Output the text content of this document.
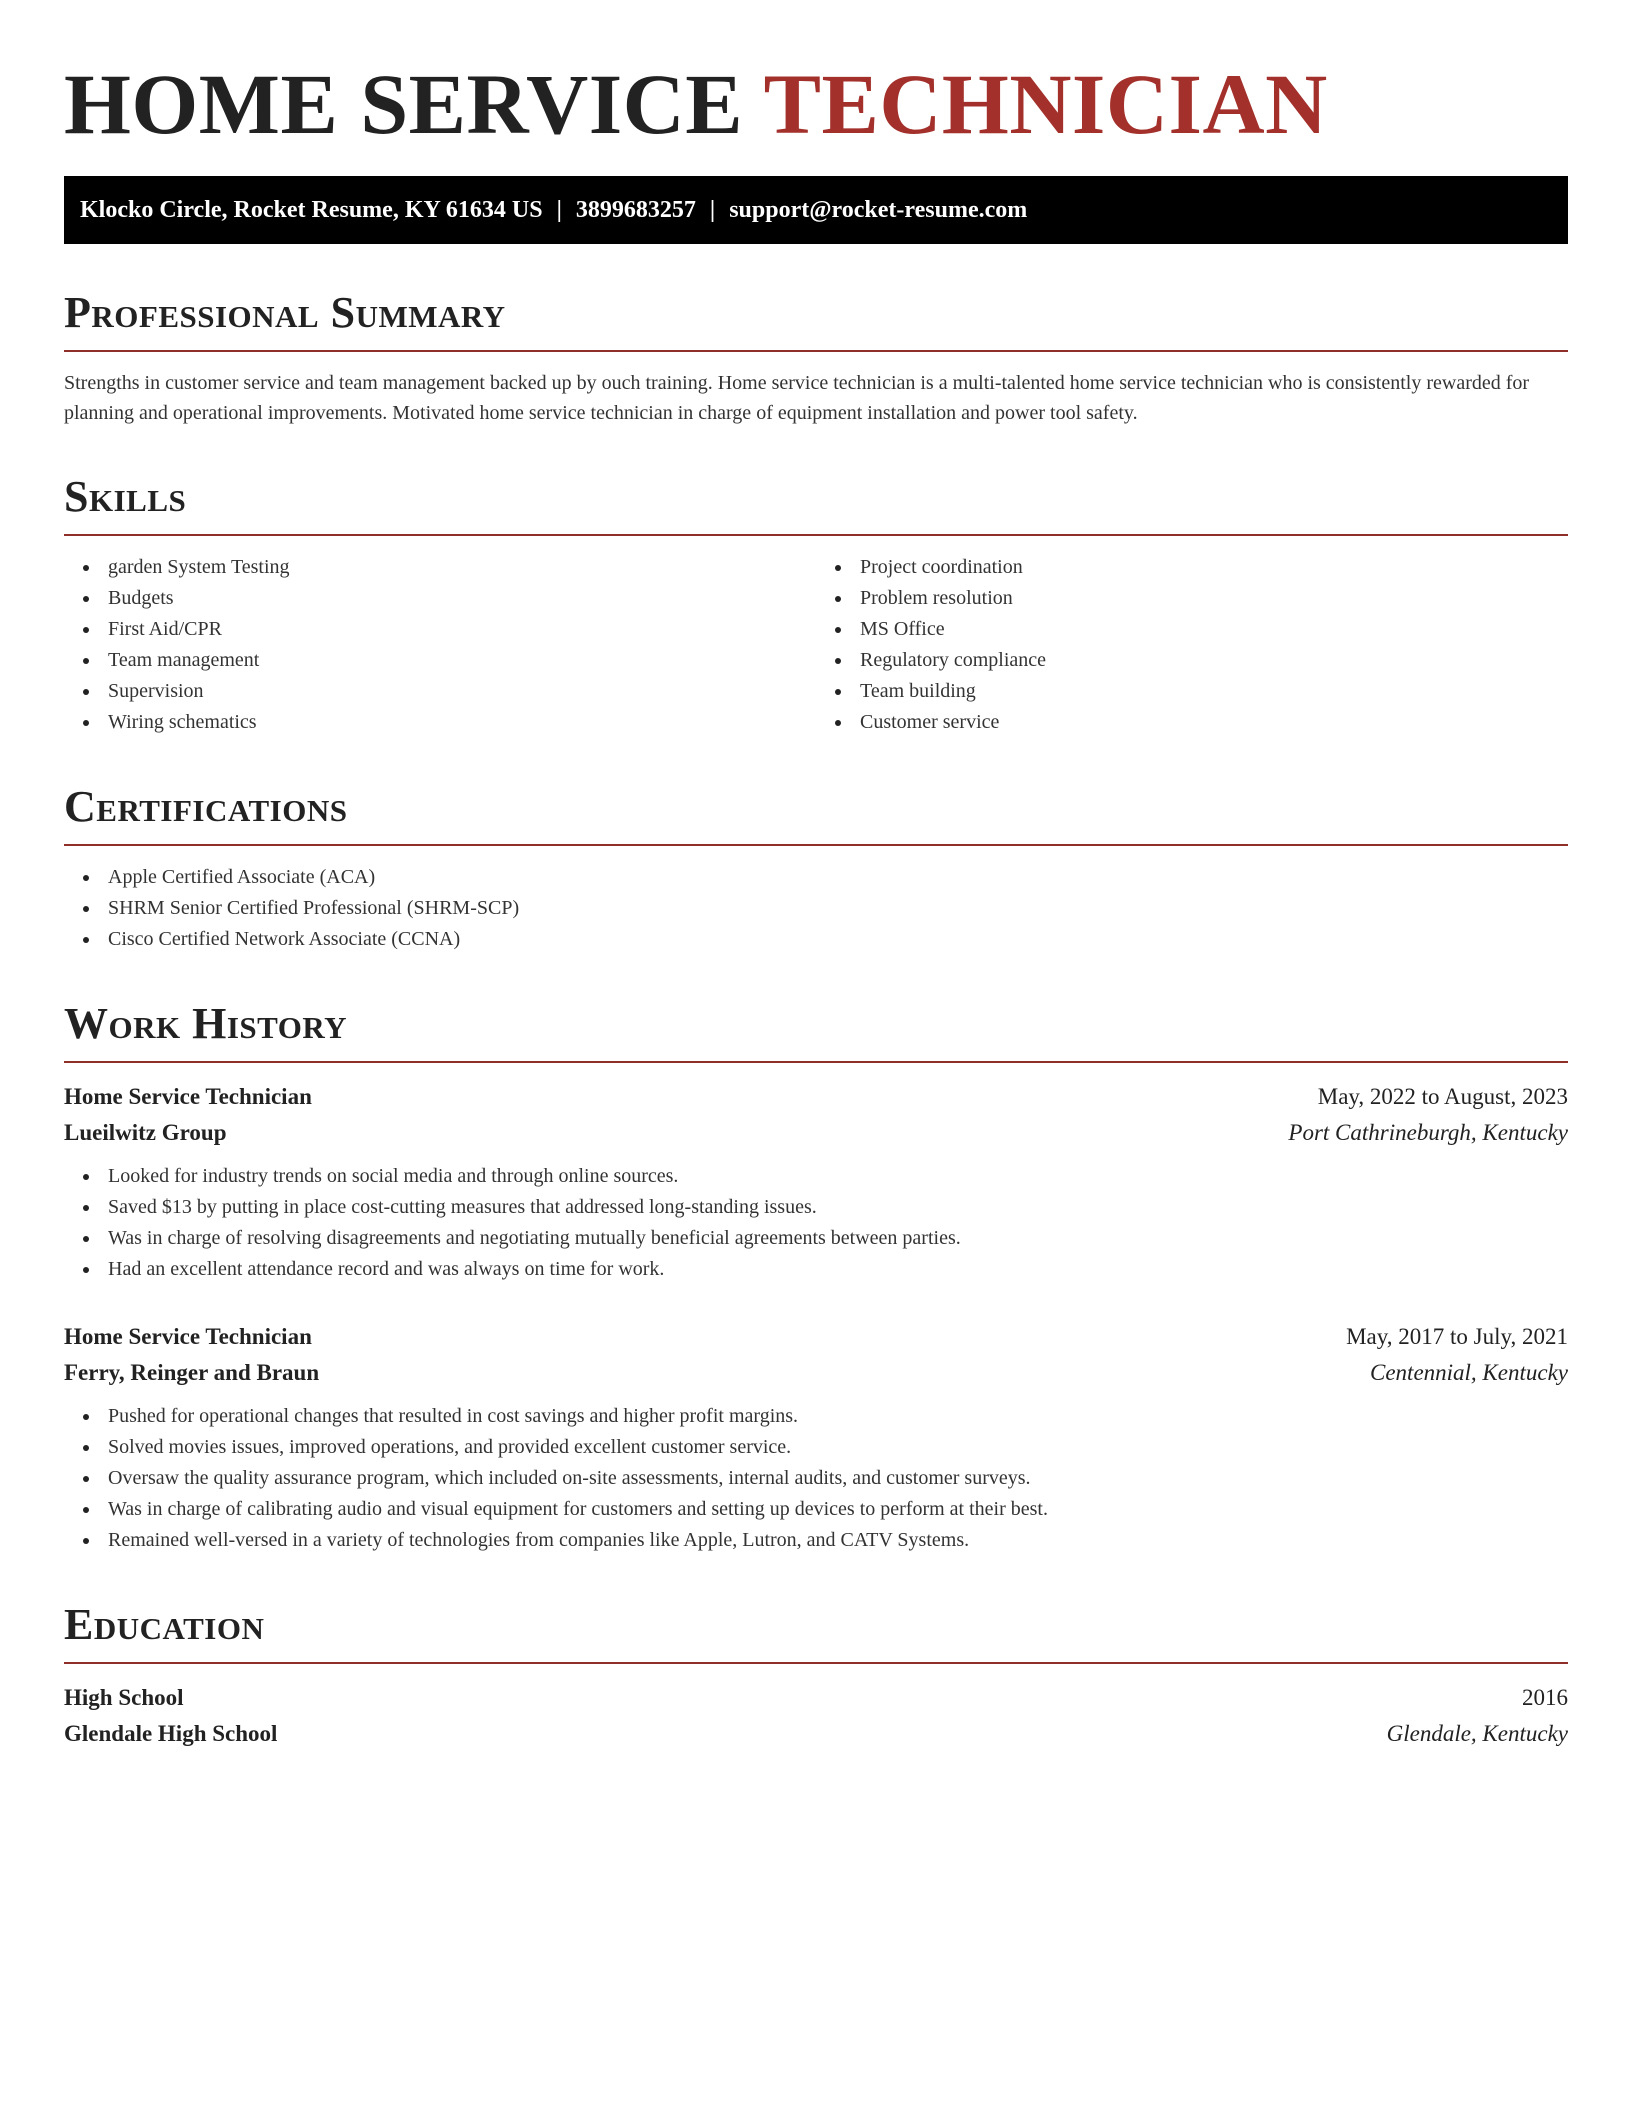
HOME SERVICE TECHNICIAN
Klocko Circle, Rocket Resume, KY 61634 US | 3899683257 | support@rocket-resume.com
Professional Summary

Strengths in customer service and team management backed up by ouch training. Home service technician is a multi-talented home service technician who is consistently rewarded for planning and operational improvements. Motivated home service technician in charge of equipment installation and power tool safety.

Skills
garden System Testing
Budgets
First Aid/CPR
Team management
Supervision
Wiring schematics
Project coordination
Problem resolution
MS Office
Regulatory compliance
Team building
Customer service
Certifications
Apple Certified Associate (ACA)
SHRM Senior Certified Professional (SHRM-SCP)
Cisco Certified Network Associate (CCNA)
Work History
Home Service Technician	May, 2022 to August, 2023
Lueilwitz Group	Port Cathrineburgh, Kentucky
Looked for industry trends on social media and through online sources.
Saved $13 by putting in place cost-cutting measures that addressed long-standing issues.
Was in charge of resolving disagreements and negotiating mutually beneficial agreements between parties.
Had an excellent attendance record and was always on time for work.
Home Service Technician	May, 2017 to July, 2021
Ferry, Reinger and Braun	Centennial, Kentucky
Pushed for operational changes that resulted in cost savings and higher profit margins.
Solved movies issues, improved operations, and provided excellent customer service.
Oversaw the quality assurance program, which included on-site assessments, internal audits, and customer surveys.
Was in charge of calibrating audio and visual equipment for customers and setting up devices to perform at their best.
Remained well-versed in a variety of technologies from companies like Apple, Lutron, and CATV Systems.
Education
High School	2016
Glendale High School	Glendale, Kentucky
